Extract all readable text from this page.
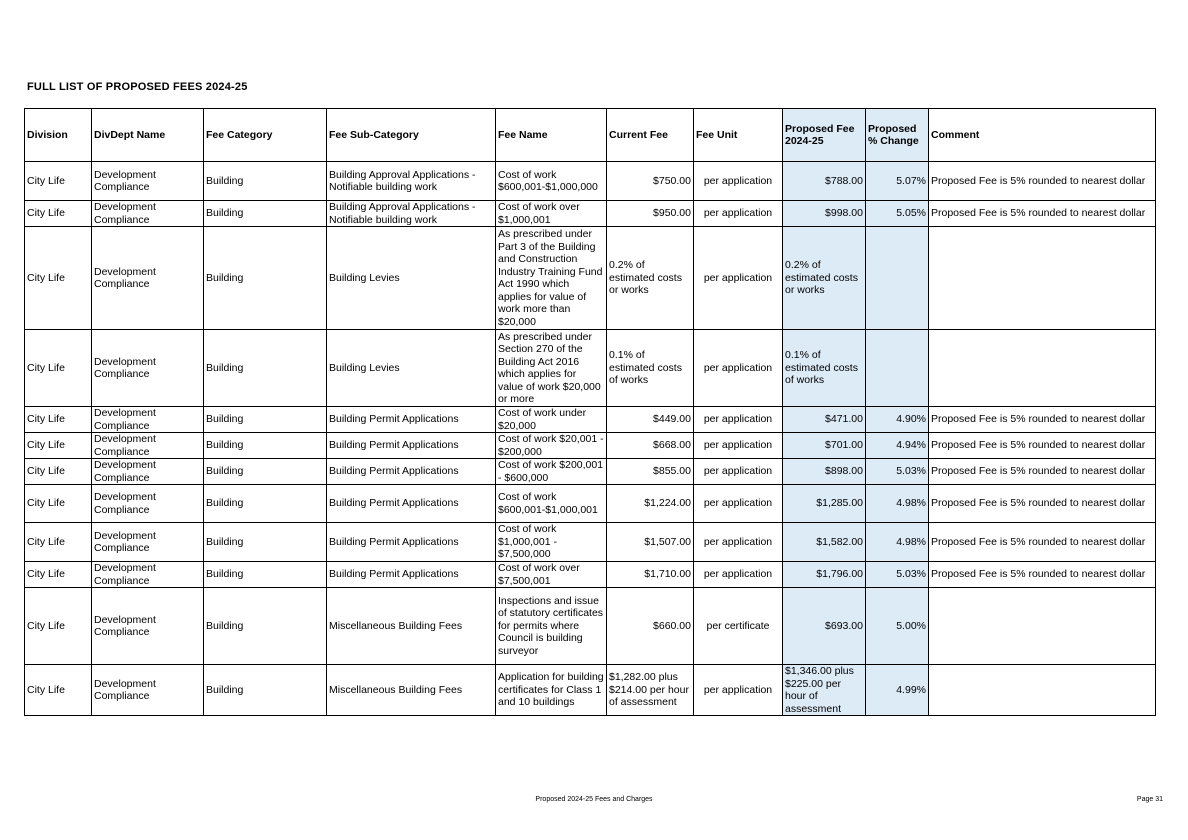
FULL LIST OF PROPOSED FEES 2024-25
Division	DivDept Name	Fee Category	Fee Sub-Category	Fee Name	Current Fee	Fee Unit	Proposed Fee 2024-25	Proposed % Change	Comment
City Life	Development Compliance	Building	Building Approval Applications - Notifiable building work	Cost of work $600,001-$1,000,000	$750.00	per application	$788.00	5.07%	Proposed Fee is 5% rounded to nearest dollar
City Life	Development Compliance	Building	Building Approval Applications - Notifiable building work	Cost of work over $1,000,001	$950.00	per application	$998.00	5.05%	Proposed Fee is 5% rounded to nearest dollar
City Life	Development Compliance	Building	Building Levies	As prescribed under Part 3 of the Building and Construction Industry Training Fund Act 1990 which applies for value of work more than $20,000	0.2% of estimated costs or works	per application	0.2% of estimated costs or works		
City Life	Development Compliance	Building	Building Levies	As prescribed under Section 270 of the Building Act 2016 which applies for value of work $20,000 or more	0.1% of estimated costs of works	per application	0.1% of estimated costs of works		
City Life	Development Compliance	Building	Building Permit Applications	Cost of work under $20,000	$449.00	per application	$471.00	4.90%	Proposed Fee is 5% rounded to nearest dollar
City Life	Development Compliance	Building	Building Permit Applications	Cost of work $20,001 - $200,000	$668.00	per application	$701.00	4.94%	Proposed Fee is 5% rounded to nearest dollar
City Life	Development Compliance	Building	Building Permit Applications	Cost of work $200,001 - $600,000	$855.00	per application	$898.00	5.03%	Proposed Fee is 5% rounded to nearest dollar
City Life	Development Compliance	Building	Building Permit Applications	Cost of work $600,001-$1,000,001	$1,224.00	per application	$1,285.00	4.98%	Proposed Fee is 5% rounded to nearest dollar
City Life	Development Compliance	Building	Building Permit Applications	Cost of work $1,000,001 - $7,500,000	$1,507.00	per application	$1,582.00	4.98%	Proposed Fee is 5% rounded to nearest dollar
City Life	Development Compliance	Building	Building Permit Applications	Cost of work over $7,500,001	$1,710.00	per application	$1,796.00	5.03%	Proposed Fee is 5% rounded to nearest dollar
City Life	Development Compliance	Building	Miscellaneous Building Fees	Inspections and issue of statutory certificates for permits where Council is building surveyor	$660.00	per certificate	$693.00	5.00%	
City Life	Development Compliance	Building	Miscellaneous Building Fees	Application for building certificates for Class 1 and 10 buildings	$1,282.00 plus $214.00 per hour of assessment	per application	$1,346.00 plus $225.00 per hour of assessment	4.99%	
Proposed 2024-25 Fees and Charges	Page 31
